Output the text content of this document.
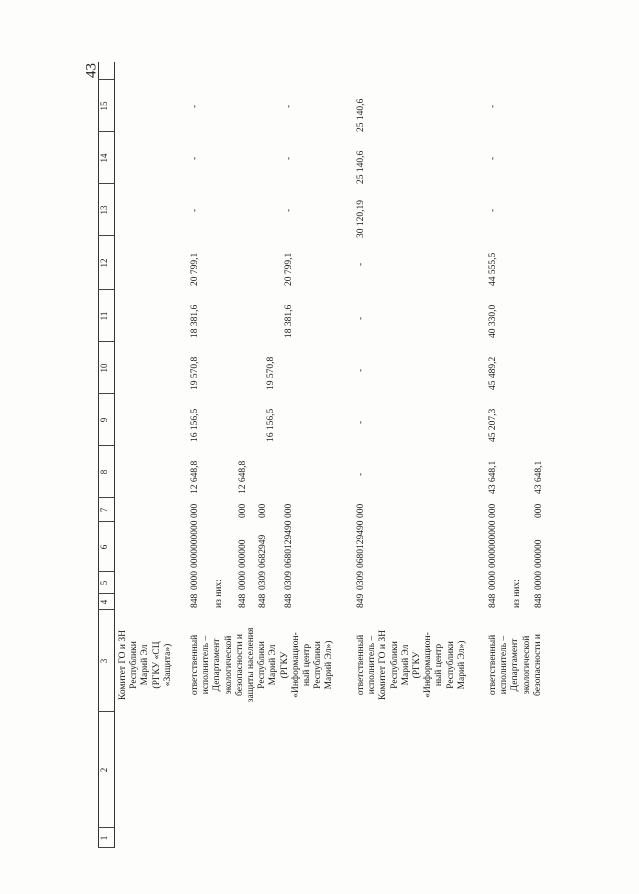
43
1
2
3
4
5
6
7
8
9
10
11
12
13
14
15
Комитет ГО и ЗН Республики Марий Эл (РГКУ «СЦ «Защита») ответственный исполнитель – Департамент экологической безопасности и защиты населения Республики Марий Эл (РГКУ «Информацион- ный центр Республики Марий Эл»)
848
0000
0000000000
000
12 648,8
16 156,5
19 570,8
18 381,6
20 799,1
-
-
-
из них: 848
0000
000000
000
12 648,8
848
0309
0682949
000
16 156,5
19 570,8
848
0309
0680129490
000
18 381,6
20 799,1
-
-
-
ответственный исполнитель – Комитет ГО и ЗН Республики Марий Эл (РГКУ «Информацион- ный центр Республики Марий Эл»)
849
0309
0680129490
000
-
-
-
-
-
30 120,19
25 140,6
25 140,6
ответственный исполнитель – Департамент экологической безопасности и
848
0000
0000000000
000
43 648,1
45 207,3
45 489,2
40 330,0
44 555,5
-
-
-
из них: 848
0000
000000
000
43 648,1
